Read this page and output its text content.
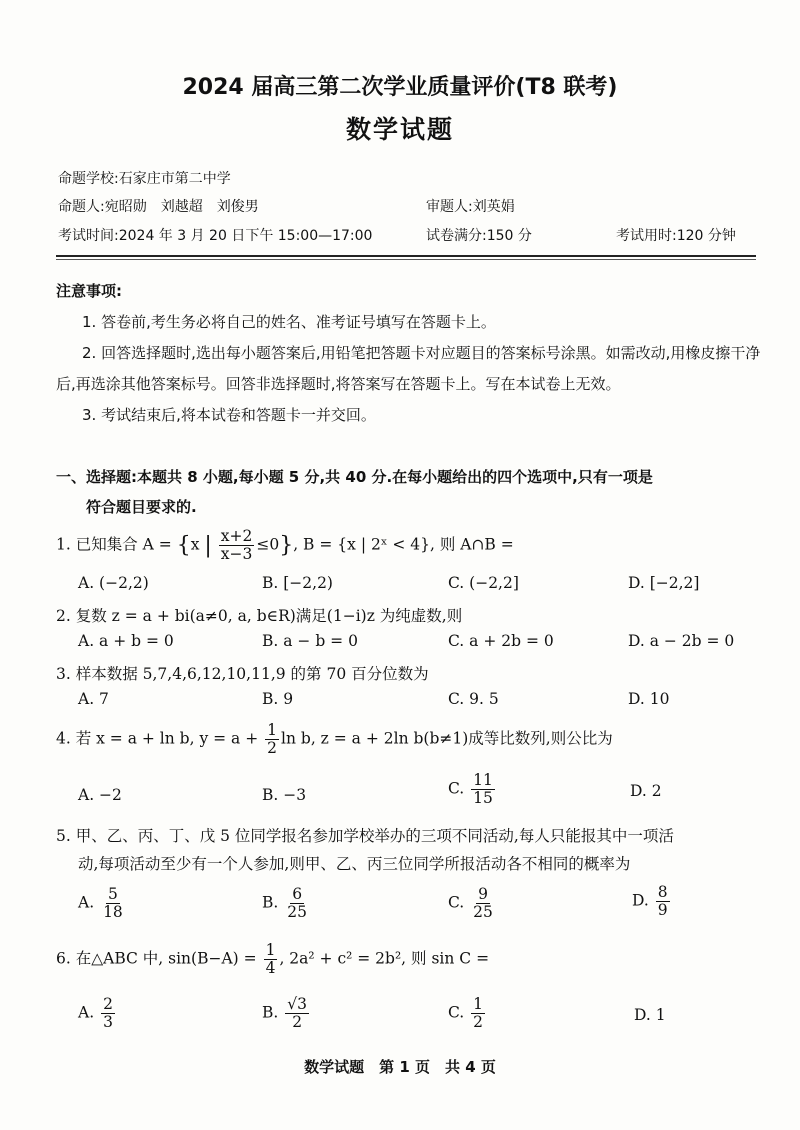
2024 届高三第二次学业质量评价(T8 联考)
数学试题
命题学校:石家庄市第二中学
命题人:宛昭勋　刘越超　刘俊男	审题人:刘英娟
考试时间:2024 年 3 月 20 日下午 15:00—17:00	试卷满分:150 分	考试用时:120 分钟

注意事项:

1. 答卷前,考生务必将自己的姓名、准考证号填写在答题卡上。

2. 回答选择题时,选出每小题答案后,用铅笔把答题卡对应题目的答案标号涂黑。如需改动,用橡皮擦干净后,再选涂其他答案标号。回答非选择题时,将答案写在答题卡上。写在本试卷上无效。

3. 考试结束后,将本试卷和答题卡一并交回。

一、选择题:本题共 8 小题,每小题 5 分,共 40 分.在每小题给出的四个选项中,只有一项是
符合题目要求的.
1. 已知集合 A = {x | $\frac{x+2}{x-3} \le 0$}, B = {x | 2ˣ < 4}, 则 A∩B =
A. (−2,2)	B. [−2,2)	C. (−2,2]	D. [−2,2]
2. 复数 z = a + bi(a≠0, a, b∈R)满足(1−i)z 为纯虚数,则
A. a + b = 0	B. a − b = 0	C. a + 2b = 0	D. a − 2b = 0
3. 样本数据 5,7,4,6,12,10,11,9 的第 70 百分位数为
A. 7	B. 9	C. 9. 5	D. 10
4. 若 x = a + ln b, $y = a + \frac{1}{2}$ ln b, z = a + 2ln b(b≠1)成等比数列,则公比为
A. −2	B. −3	C. $\frac{11}{15}$	D. 2
5. 甲、乙、丙、丁、戊 5 位同学报名参加学校举办的三项不同活动,每人只能报其中一项活
动,每项活动至少有一个人参加,则甲、乙、丙三位同学所报活动各不相同的概率为
A. $\frac{5}{18}$	B. $\frac{6}{25}$	C. $\frac{9}{25}$	D. $\frac{8}{9}$
6. 在△ABC 中, $\sin(B-A) = \frac{1}{4}$ , 2a² + c² = 2b², 则 sin C =
A. $\frac{2}{3}$	B. $\frac{√3}{2}$	C. $\frac{1}{2}$	D. 1
数学试题　第 1 页　共 4 页
